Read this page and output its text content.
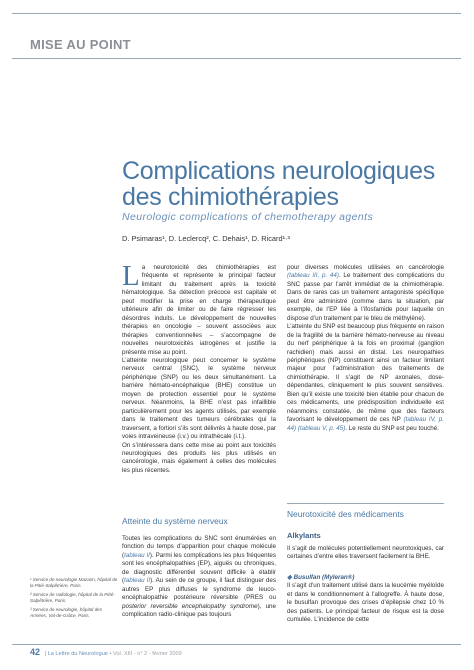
MISE AU POINT
Complications neurologiques
des chimiothérapies
Neurologic complications of chemotherapy agents
D. Psimaras¹, D. Leclercq², C. Dehais¹, D. Ricard¹·³

La neurotoxicité des chimiothérapies est fréquente et représente le principal facteur limitant du traitement après la toxicité hématologique. Sa détection précoce est capitale et peut modifier la prise en charge thérapeutique ultérieure afin de limiter ou de faire régresser les désordres induits. Le développement de nouvelles thérapies en oncologie – souvent associées aux thérapies conventionnelles – s’accompagne de nouvelles neurotoxicités iatrogènes et justifie la présente mise au point.

L’atteinte neurologique peut concerner le système nerveux central (SNC), le système nerveux périphérique (SNP) ou les deux simultanément. La barrière hémato-encéphalique (BHE) constitue un moyen de protection essentiel pour le système nerveux. Néanmoins, la BHE n’est pas infaillible particulièrement pour les agents utilisés, par exemple dans le traitement des tumeurs cérébrales qui la traversent, a fortiori s’ils sont délivrés à haute dose, par voies intraveineuse (i.v.) ou intrathécale (i.t.).

On s’intéressera dans cette mise au point aux toxicités neurologiques des produits les plus utilisés en cancérologie, mais également à celles des molécules les plus récentes.

Atteinte du système nerveux

Toutes les complications du SNC sont énumérées en fonction du temps d’apparition pour chaque molécule (tableau II). Parmi les complications les plus fréquentes sont les encéphalopathies (EP), aiguës ou chroniques, de diagnostic différentiel souvent difficile à établir (tableau II). Au sein de ce groupe, il faut distinguer des autres EP plus diffuses le syndrome de leuco-encéphalopathie postérieure réversible (PRES ou posterior reversible encephalopathy syndrome), une complication radio-clinique pas toujours

pour diverses molécules utilisées en cancérologie (tableau III, p. 44). Le traitement des complications du SNC passe par l’arrêt immédiat de la chimiothérapie. Dans de rares cas un traitement antagoniste spécifique peut être administré (comme dans la situation, par exemple, de l’EP liée à l’ifosfamide pour laquelle on dispose d’un traitement par le bleu de méthylène).

L’atteinte du SNP est beaucoup plus fréquente en raison de la fragilité de la barrière hémato-nerveuse au niveau du nerf périphérique à la fois en proximal (ganglion rachidien) mais aussi en distal. Les neuropathies périphériques (NP) constituent ainsi un facteur limitant majeur pour l’administration des traitements de chimiothérapie. Il s’agit de NP axonales, dose-dépendantes, cliniquement le plus souvent sensitives. Bien qu’il existe une toxicité bien établie pour chacun de ces médicaments, une prédisposition individuelle est néanmoins constatée, de même que des facteurs favorisant le développement de ces NP (tableau IV, p. 44) (tableau V, p. 45). Le reste du SNP est peu touché.

Neurotoxicité des médicaments
Alkylants
Il s’agit de molécules potentiellement neurotoxiques, car certaines d’entre elles traversent facilement la BHE.

◆ Busulfan (Myleran®)

Il s’agit d’un traitement utilisé dans la leucémie myéloïde et dans le conditionnement à l’allogreffe. À haute dose, le busulfan provoque des crises d’épilepsie chez 10 % des patients. Le principal facteur de risque est la dose cumulée. L’incidence de cette

¹ Service de neurologie Mazarin, hôpital de la Pitié-Salpêtrière, Paris.

² Service de radiologie, hôpital de la Pitié-Salpêtrière, Paris.

³ Service de neurologie, hôpital des Armées, Val-de-Grâce, Paris.

42 | La Lettre du Neurologue • Vol. XIII - n° 2 - février 2009
